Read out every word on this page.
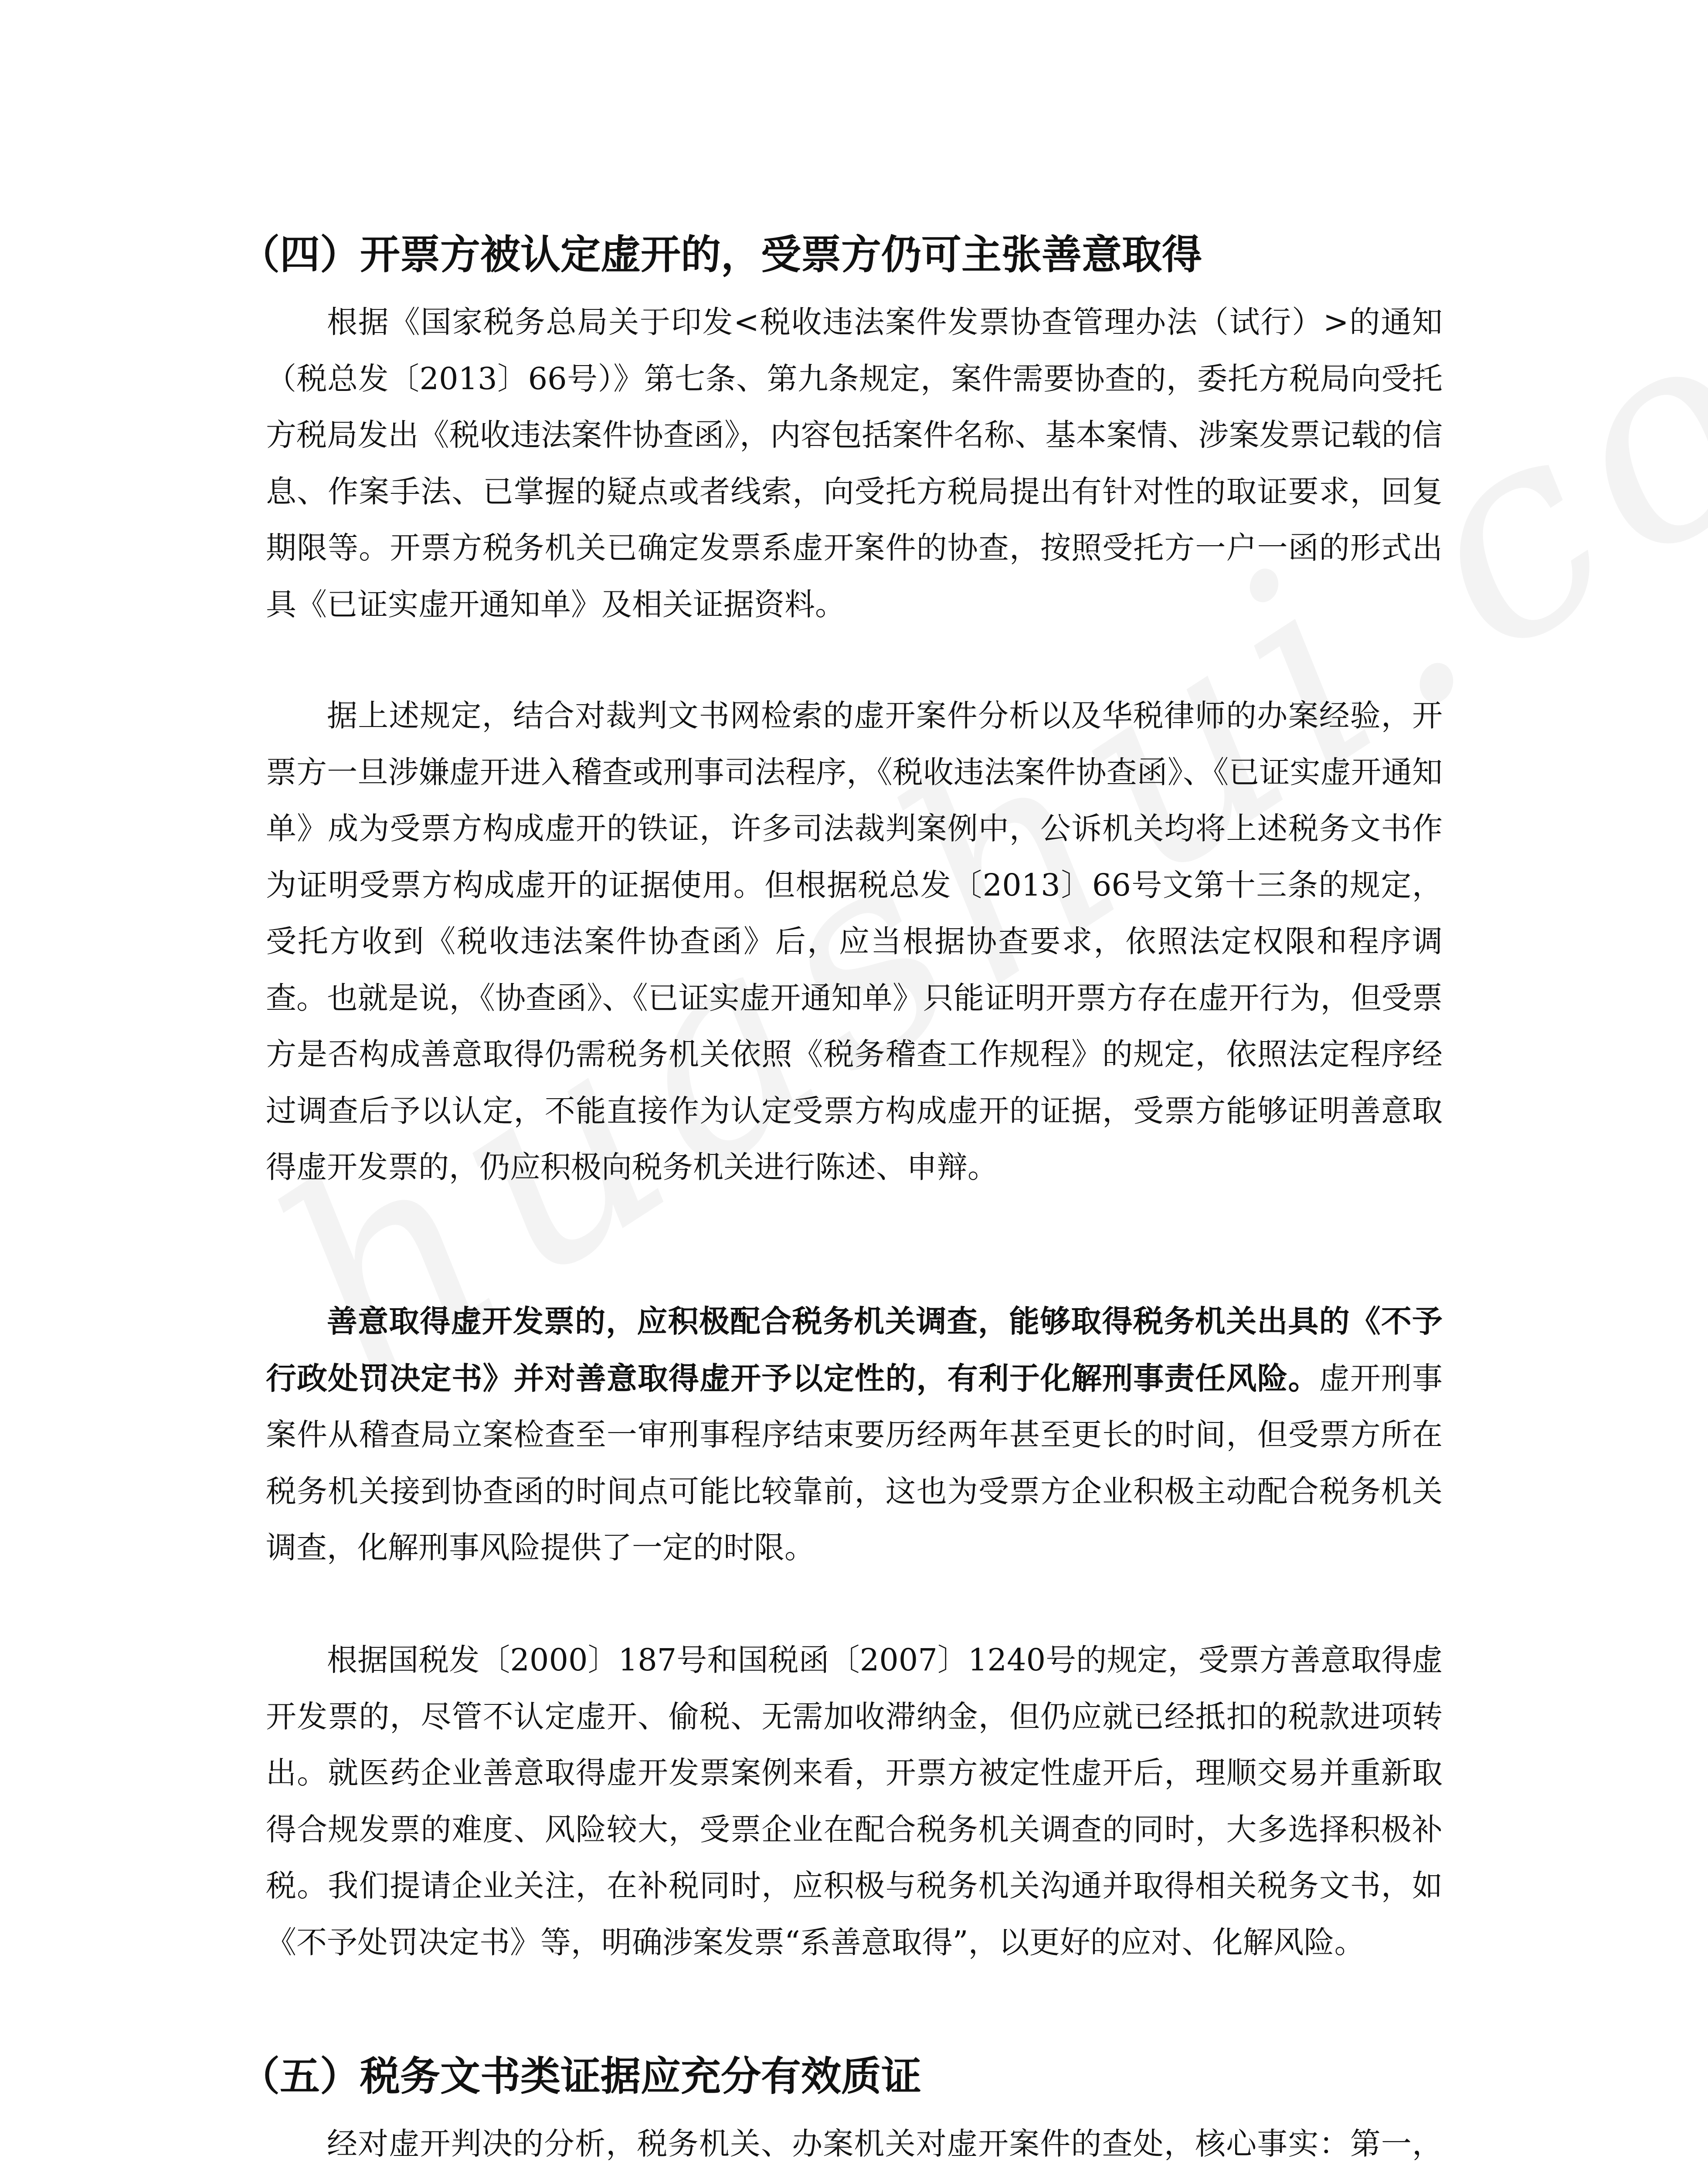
（四）开票方被认定虚开的，受票方仍可主张善意取得

根据《国家税务总局关于印发<税收违法案件发票协查管理办法（试行）>的通知（税总发〔2013〕66号）》第七条、第九条规定，案件需要协查的，委托方税局向受托方税局发出《税收违法案件协查函》，内容包括案件名称、基本案情、涉案发票记载的信息、作案手法、已掌握的疑点或者线索，向受托方税局提出有针对性的取证要求，回复期限等。开票方税务机关已确定发票系虚开案件的协查，按照受托方一户一函的形式出具《已证实虚开通知单》及相关证据资料。

据上述规定，结合对裁判文书网检索的虚开案件分析以及华税律师的办案经验，开票方一旦涉嫌虚开进入稽查或刑事司法程序，《税收违法案件协查函》、《已证实虚开通知单》成为受票方构成虚开的铁证，许多司法裁判案例中，公诉机关均将上述税务文书作为证明受票方构成虚开的证据使用。但根据税总发〔2013〕66号文第十三条的规定，受托方收到《税收违法案件协查函》后，应当根据协查要求，依照法定权限和程序调查。也就是说，《协查函》、《已证实虚开通知单》只能证明开票方存在虚开行为，但受票方是否构成善意取得仍需税务机关依照《税务稽查工作规程》的规定，依照法定程序经过调查后予以认定，不能直接作为认定受票方构成虚开的证据，受票方能够证明善意取得虚开发票的，仍应积极向税务机关进行陈述、申辩。

善意取得虚开发票的，应积极配合税务机关调查，能够取得税务机关出具的《不予行政处罚决定书》并对善意取得虚开予以定性的，有利于化解刑事责任风险。虚开刑事案件从稽查局立案检查至一审刑事程序结束要历经两年甚至更长的时间，但受票方所在税务机关接到协查函的时间点可能比较靠前，这也为受票方企业积极主动配合税务机关调查，化解刑事风险提供了一定的时限。

根据国税发〔2000〕187号和国税函〔2007〕1240号的规定，受票方善意取得虚开发票的，尽管不认定虚开、偷税、无需加收滞纳金，但仍应就已经抵扣的税款进项转出。就医药企业善意取得虚开发票案例来看，开票方被定性虚开后，理顺交易并重新取得合规发票的难度、风险较大，受票企业在配合税务机关调查的同时，大多选择积极补税。我们提请企业关注，在补税同时，应积极与税务机关沟通并取得相关税务文书，如《不予处罚决定书》等，明确涉案发票“系善意取得”，以更好的应对、化解风险。

（五）税务文书类证据应充分有效质证

经对虚开判决的分析，税务机关、办案机关对虚开案件的查处，核心事实：第一，
